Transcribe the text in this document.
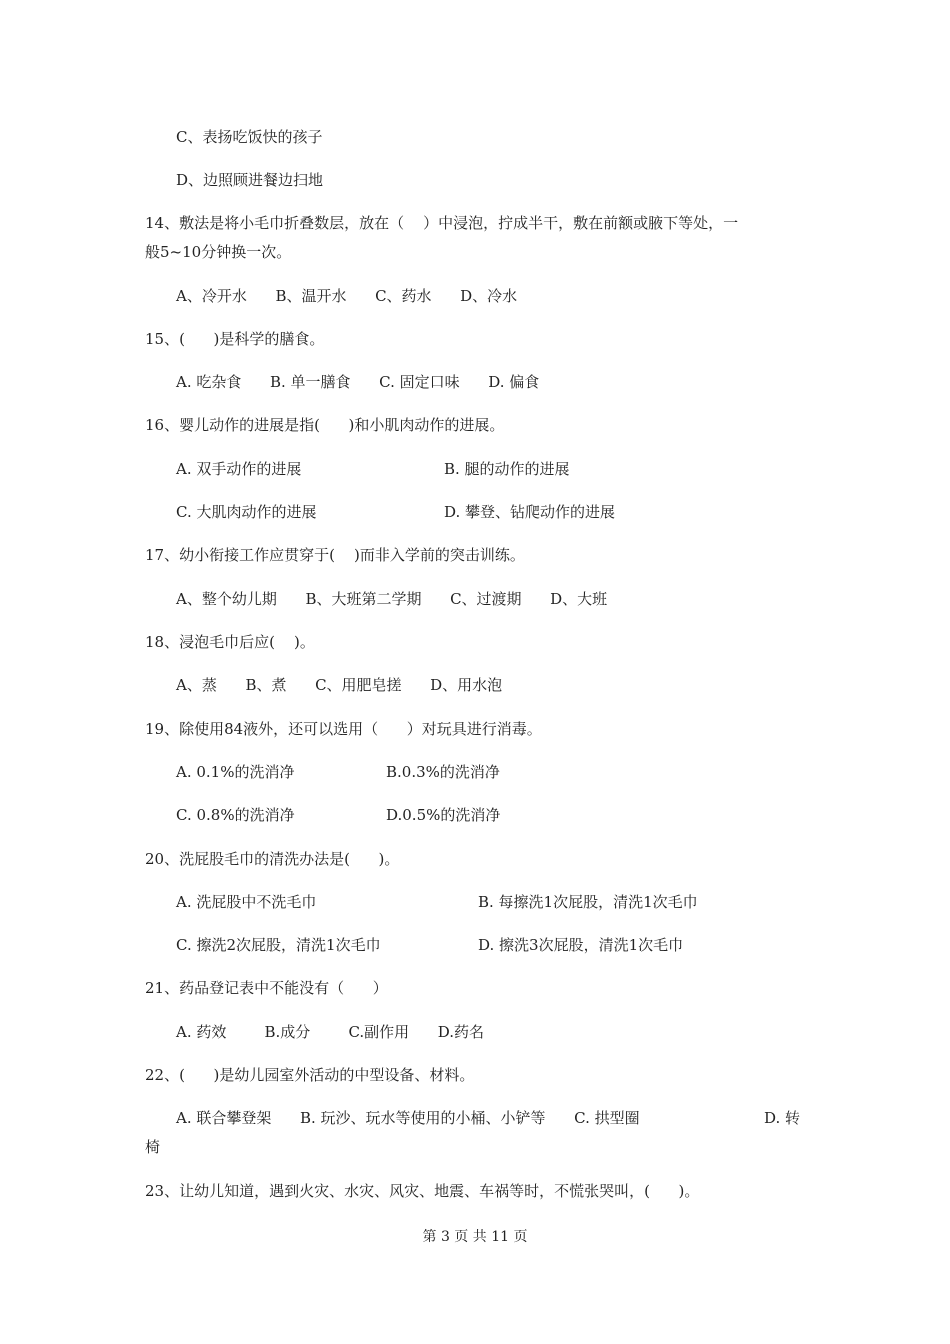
C、表扬吃饭快的孩子
D、边照顾进餐边扫地
14、敷法是将小毛巾折叠数层，放在（    ）中浸泡，拧成半干，敷在前额或腋下等处，一
般5~10分钟换一次。
A、冷开水      B、温开水      C、药水      D、冷水
15、(      )是科学的膳食。
A. 吃杂食      B. 单一膳食      C. 固定口味      D. 偏食
16、婴儿动作的进展是指(      )和小肌肉动作的进展。
A. 双手动作的进展	B. 腿的动作的进展
C. 大肌肉动作的进展	D. 攀登、钻爬动作的进展
17、幼小衔接工作应贯穿于(    )而非入学前的突击训练。
A、整个幼儿期      B、大班第二学期      C、过渡期      D、大班
18、浸泡毛巾后应(    )。
A、蒸      B、煮      C、用肥皂搓      D、用水泡
19、除使用84液外，还可以选用（      ）对玩具进行消毒。
A. 0.1%的洗消净	B.0.3%的洗消净
C. 0.8%的洗消净	D.0.5%的洗消净
20、洗屁股毛巾的清洗办法是(      )。
A. 洗屁股中不洗毛巾	B. 每擦洗1次屁股，清洗1次毛巾
C. 擦洗2次屁股，清洗1次毛巾	D. 擦洗3次屁股，清洗1次毛巾
21、药品登记表中不能没有（      ）
A. 药效        B.成分        C.副作用      D.药名
22、(      )是幼儿园室外活动的中型设备、材料。
A. 联合攀登架      B. 玩沙、玩水等使用的小桶、小铲等      C. 拱型圈	D. 转
椅
23、让幼儿知道，遇到火灾、水灾、风灾、地震、车祸等时，不慌张哭叫，(      )。
第 3 页 共 11 页
